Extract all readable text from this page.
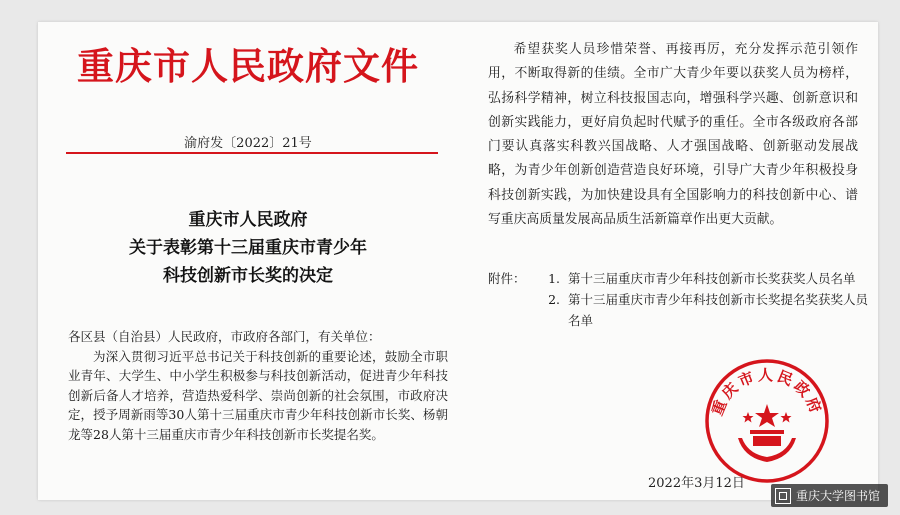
重庆市人民政府文件
渝府发〔2022〕21号
重庆市人民政府
关于表彰第十三届重庆市青少年
科技创新市长奖的决定

各区县（自治县）人民政府，市政府各部门，有关单位：

为深入贯彻习近平总书记关于科技创新的重要论述，鼓励全市职业青年、大学生、中小学生积极参与科技创新活动，促进青少年科技创新后备人才培养，营造热爱科学、崇尚创新的社会氛围，市政府决定，授予周新雨等30人第十三届重庆市青少年科技创新市长奖、杨朝龙等28人第十三届重庆市青少年科技创新市长奖提名奖。

希望获奖人员珍惜荣誉、再接再厉，充分发挥示范引领作用，不断取得新的佳绩。全市广大青少年要以获奖人员为榜样，弘扬科学精神，树立科技报国志向，增强科学兴趣、创新意识和创新实践能力，更好肩负起时代赋予的重任。全市各级政府各部门要认真落实科教兴国战略、人才强国战略、创新驱动发展战略，为青少年创新创造营造良好环境，引导广大青少年积极投身科技创新实践，为加快建设具有全国影响力的科技创新中心、谱写重庆高质量发展高品质生活新篇章作出更大贡献。

附件：	1. 第十三届重庆市青少年科技创新市长奖获奖人员名单
2. 第十三届重庆市青少年科技创新市长奖提名奖获奖人员名单
2022年3月12日
重庆市人民政府
重庆大学图书馆
